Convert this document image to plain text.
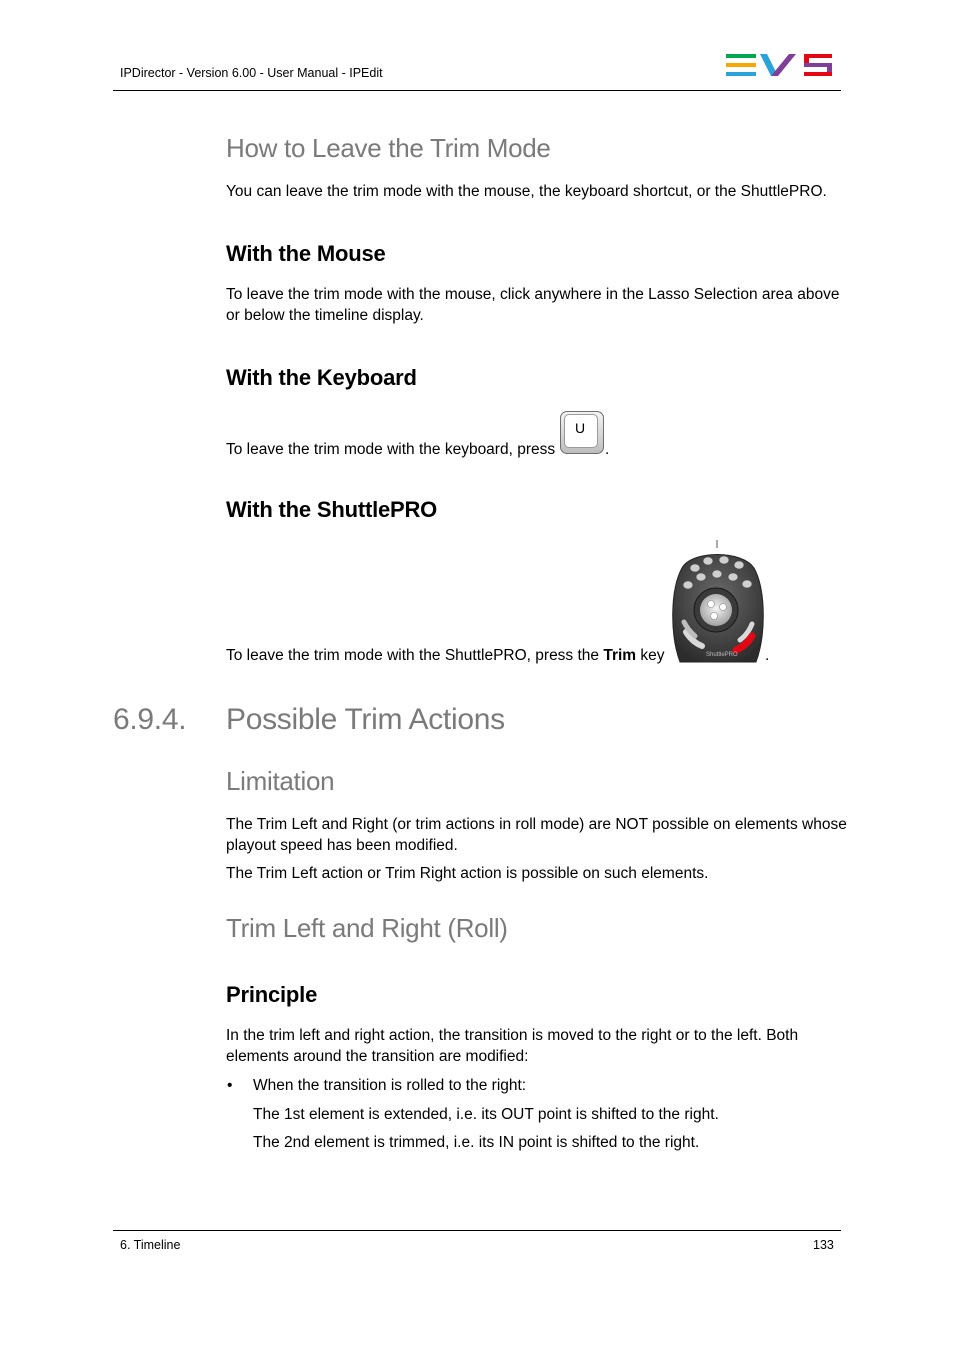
IPDirector - Version 6.00 - User Manual - IPEdit
How to Leave the Trim Mode

You can leave the trim mode with the mouse, the keyboard shortcut, or the ShuttlePRO.

With the Mouse

To leave the trim mode with the mouse, click anywhere in the Lasso Selection area above or below the timeline display.

With the Keyboard

To leave the trim mode with the keyboard, press

U
.
With the ShuttlePRO

To leave the trim mode with the ShuttlePRO, press the Trim key	ShuttlePRO .
6.9.4. Possible Trim Actions
Limitation

The Trim Left and Right (or trim actions in roll mode) are NOT possible on elements whose playout speed has been modified.

The Trim Left action or Trim Right action is possible on such elements.

Trim Left and Right (Roll)
Principle

In the trim left and right action, the transition is moved to the right or to the left. Both elements around the transition are modified:

• When the transition is rolled to the right:

The 1st element is extended, i.e. its OUT point is shifted to the right.

The 2nd element is trimmed, i.e. its IN point is shifted to the right.

6. Timeline	133
